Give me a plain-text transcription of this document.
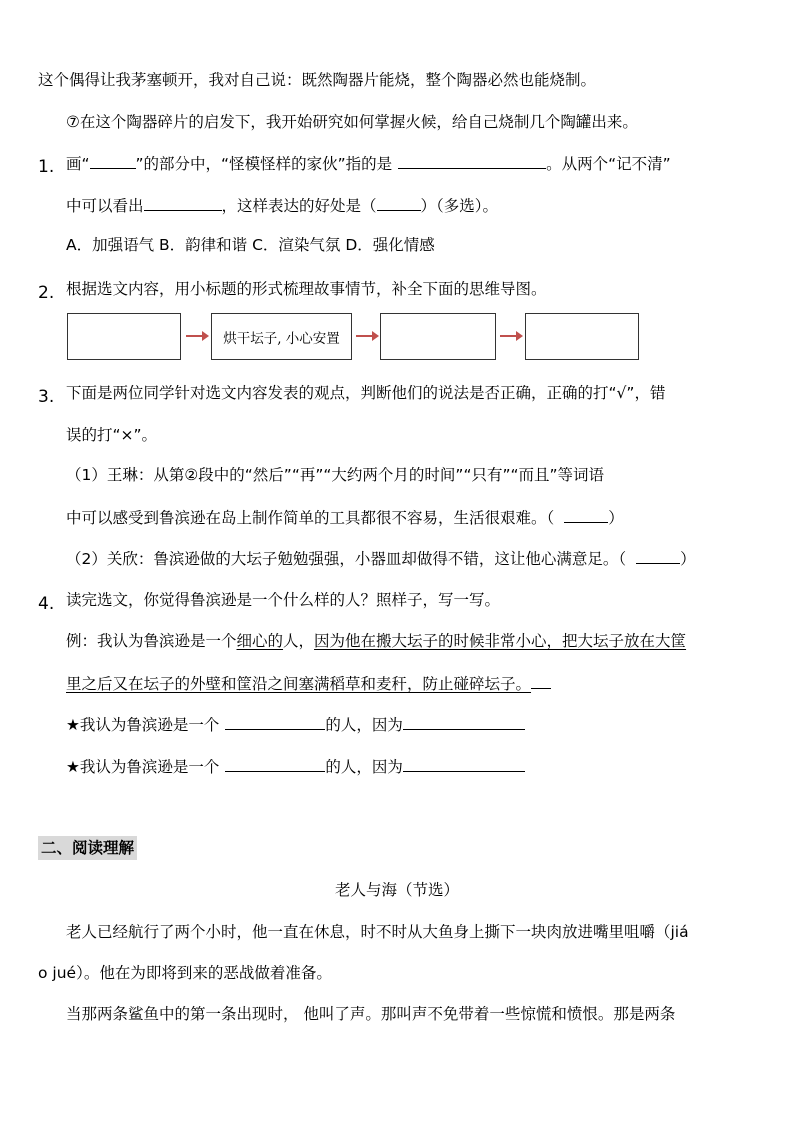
这个偶得让我茅塞顿开，我对自己说：既然陶器片能烧，整个陶器必然也能烧制。
⑦在这个陶器碎片的启发下，我开始研究如何掌握火候，给自己烧制几个陶罐出来。
1. 画“	”的部分中，“怪模怪样的家伙”指的是	。从两个“记不清”
中可以看出	，这样表达的好处是（	）（多选）。
A．加强语气 B．韵律和谐 C．渲染气氛 D．强化情感
2. 根据选文内容，用小标题的形式梳理故事情节，补全下面的思维导图。
烘干坛子, 小心安置
3. 下面是两位同学针对选文内容发表的观点，判断他们的说法是否正确，正确的打“√”，错
误的打“×”。
（1）王琳：从第②段中的“然后”“再”“大约两个月的时间”“只有”“而且”等词语
中可以感受到鲁滨逊在岛上制作简单的工具都很不容易，生活很艰难。（	）
（2）关欣：鲁滨逊做的大坛子勉勉强强，小器皿却做得不错，这让他心满意足。（	）
4. 读完选文，你觉得鲁滨逊是一个什么样的人？照样子，写一写。
例：我认为鲁滨逊是一个细心的人，因为他在搬大坛子的时候非常小心，把大坛子放在大筐
里之后又在坛子的外壁和筐沿之间塞满稻草和麦秆，防止碰碎坛子。
★我认为鲁滨逊是一个	的人，因为
★我认为鲁滨逊是一个	的人，因为
二、阅读理解
老人与海（节选）
老人已经航行了两个小时，他一直在休息，时不时从大鱼身上撕下一块肉放进嘴里咀嚼（jiá
o jué）。他在为即将到来的恶战做着准备。
当那两条鲨鱼中的第一条出现时， 他叫了声。那叫声不免带着一些惊慌和愤恨。那是两条
